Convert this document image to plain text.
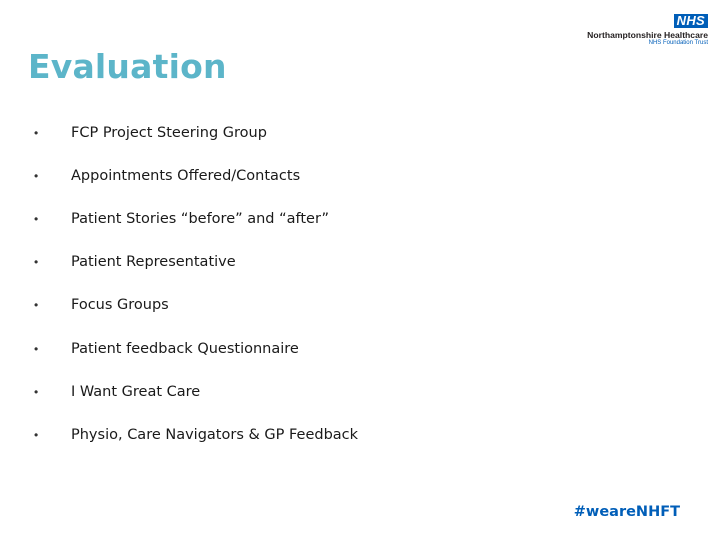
Evaluation
NHS
Northamptonshire Healthcare
NHS Foundation Trust
• FCP Project Steering Group
• Appointments Offered/Contacts
• Patient Stories “before” and “after”
• Patient Representative
• Focus Groups
• Patient feedback Questionnaire
• I Want Great Care
• Physio, Care Navigators & GP Feedback
#weareNHFT
